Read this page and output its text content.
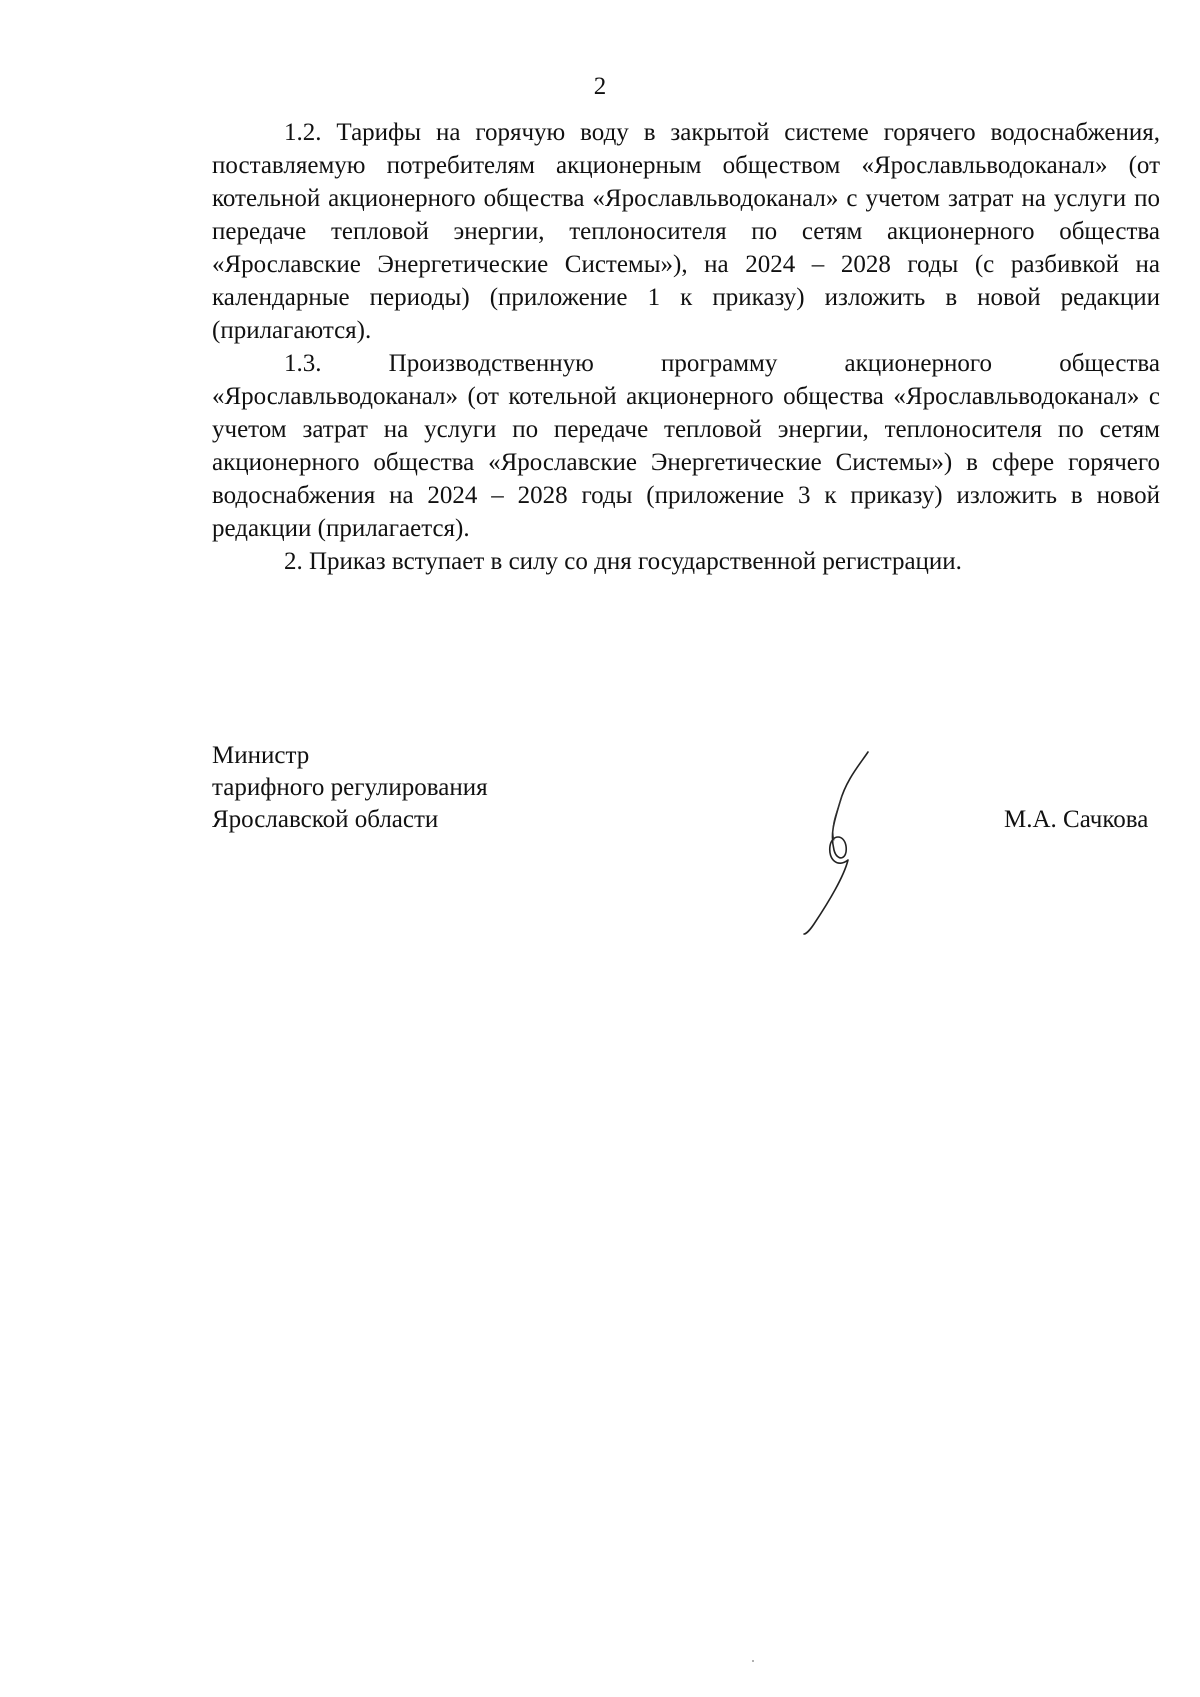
2

1.2. Тарифы на горячую воду в закрытой системе горячего водоснабжения, поставляемую потребителям акционерным обществом «Ярославльводоканал» (от котельной акционерного общества «Ярославльводоканал» с учетом затрат на услуги по передаче тепловой энергии, теплоносителя по сетям акционерного общества «Ярославские Энергетические Системы»), на 2024 – 2028 годы (с разбивкой на календарные периоды) (приложение 1 к приказу) изложить в новой редакции (прилагаются).

1.3. Производственную программу акционерного общества «Ярославльводоканал» (от котельной акционерного общества «Ярославльводоканал» с учетом затрат на услуги по передаче тепловой энергии, теплоносителя по сетям акционерного общества «Ярославские Энергетические Системы») в сфере горячего водоснабжения на 2024 – 2028 годы (приложение 3 к приказу) изложить в новой редакции (прилагается).

2. Приказ вступает в силу со дня государственной регистрации.

Министр
тарифного регулирования
Ярославской области	М.А. Сачкова
